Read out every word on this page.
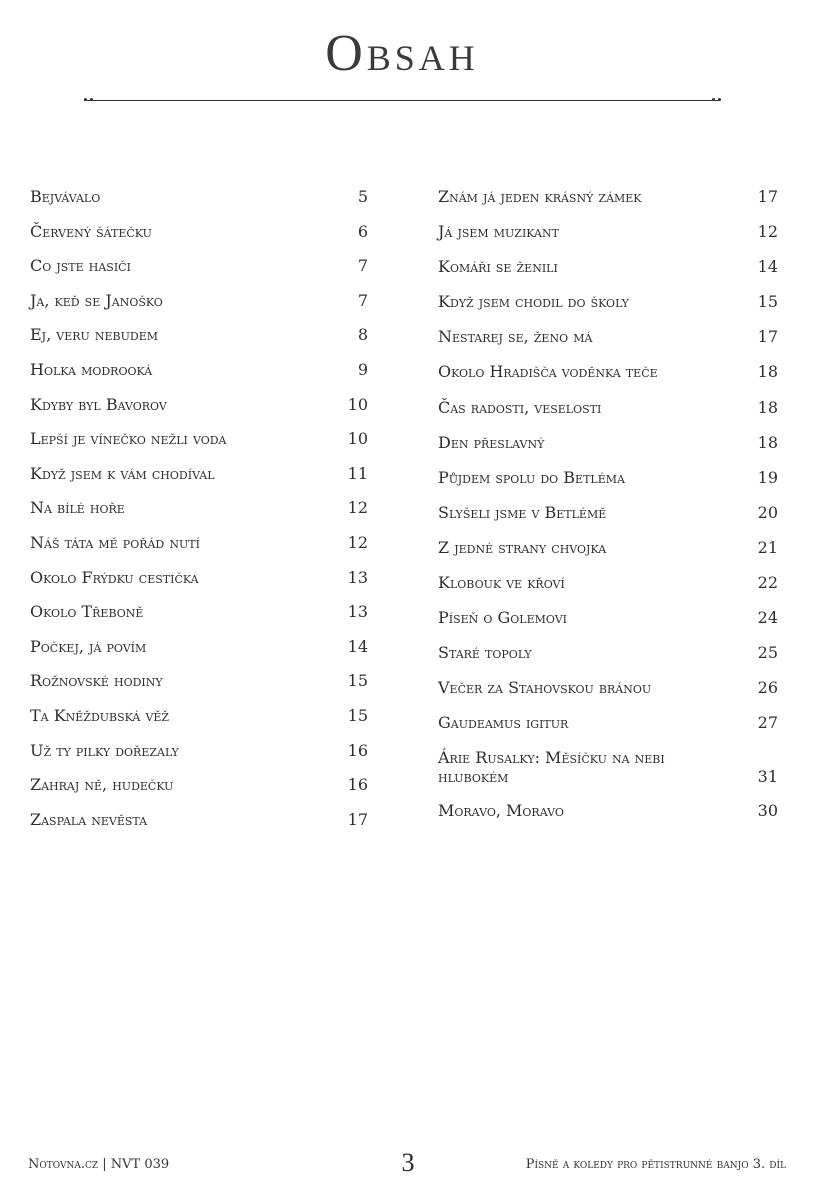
Obsah
Bejvávalo	5
Červený šátečku	6
Co jste hasiči	7
Ja, keď se Janoško	7
Ej, veru nebudem	8
Holka modrooká	9
Kdyby byl Bavorov	10
Lepší je vínečko nežli voda	10
Když jsem k vám chodíval	11
Na bílé hoře	12
Náš táta mě pořád nutí	12
Okolo Frýdku cestička	13
Okolo Třeboně	13
Počkej, já povím	14
Rožnovské hodiny	15
Ta Kněždubská věž	15
Už ty pilky dořezaly	16
Zahraj ně, hudečku	16
Zaspala nevěsta	17
Znám já jeden krásný zámek	17
Já jsem muzikant	12
Komáři se ženili	14
Když jsem chodil do školy	15
Nestarej se, ženo má	17
Okolo Hradišča voděnka teče	18
Čas radosti, veselosti	18
Den přeslavný	18
Půjdem spolu do Betléma	19
Slyšeli jsme v Betlémě	20
Z jedné strany chvojka	21
Klobouk ve křoví	22
Píseň o Golemovi	24
Staré topoly	25
Večer za Stahovskou bránou	26
Gaudeamus igitur	27
Árie Rusalky: Měsíčku na nebi hlubokém	31
Moravo, Moravo	30
Notovna.cz | NVT 039	3	Písně a koledy pro pětistrunné banjo 3. díl
